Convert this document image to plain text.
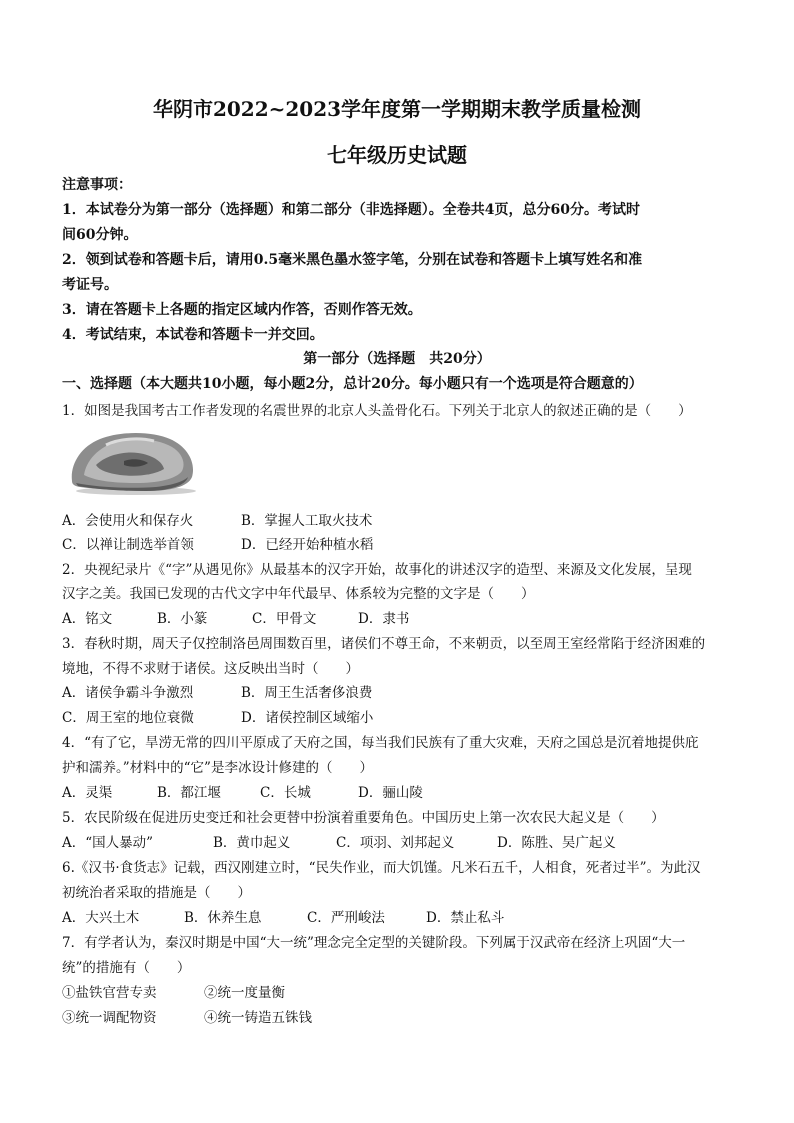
华阴市2022~2023学年度第一学期期末教学质量检测
七年级历史试题
注意事项：
1．本试卷分为第一部分（选择题）和第二部分（非选择题）。全卷共4页，总分60分。考试时
间60分钟。
2．领到试卷和答题卡后，请用0.5毫米黑色墨水签字笔，分别在试卷和答题卡上填写姓名和准
考证号。
3．请在答题卡上各题的指定区域内作答，否则作答无效。
4．考试结束，本试卷和答题卡一并交回。
第一部分（选择题　共20分）
一、选择题（本大题共10小题，每小题2分，总计20分。每小题只有一个选项是符合题意的）
1．如图是我国考古工作者发现的名震世界的北京人头盖骨化石。下列关于北京人的叙述正确的是（　　）
A．会使用火和保存火	B．掌握人工取火技术
C．以禅让制选举首领	D．已经开始种植水稻
2．央视纪录片《“字”从遇见你》从最基本的汉字开始，故事化的讲述汉字的造型、来源及文化发展，呈现
汉字之美。我国已发现的古代文字中年代最早、体系较为完整的文字是（　　）
A．铭文	B．小篆	C．甲骨文	D．隶书
3．春秋时期，周天子仅控制洛邑周围数百里，诸侯们不尊王命，不来朝贡，以至周王室经常陷于经济困难的
境地，不得不求财于诸侯。这反映出当时（　　）
A．诸侯争霸斗争激烈	B．周王生活奢侈浪费
C．周王室的地位衰微	D．诸侯控制区域缩小
4．“有了它，旱涝无常的四川平原成了天府之国，每当我们民族有了重大灾难，天府之国总是沉着地提供庇
护和濡养。”材料中的“它”是李冰设计修建的（　　）
A．灵渠	B．都江堰	C．长城	D．骊山陵
5．农民阶级在促进历史变迁和社会更替中扮演着重要角色。中国历史上第一次农民大起义是（　　）
A．“国人暴动”	B．黄巾起义	C．项羽、刘邦起义	D．陈胜、吴广起义
6.《汉书·食货志》记载，西汉刚建立时，“民失作业，而大饥馑。凡米石五千，人相食，死者过半”。为此汉
初统治者采取的措施是（　　）
A．大兴土木	B．休养生息	C．严刑峻法	D．禁止私斗
7．有学者认为，秦汉时期是中国“大一统”理念完全定型的关键阶段。下列属于汉武帝在经济上巩固“大一
统”的措施有（　　）
①盐铁官营专卖	②统一度量衡
③统一调配物资	④统一铸造五铢钱
